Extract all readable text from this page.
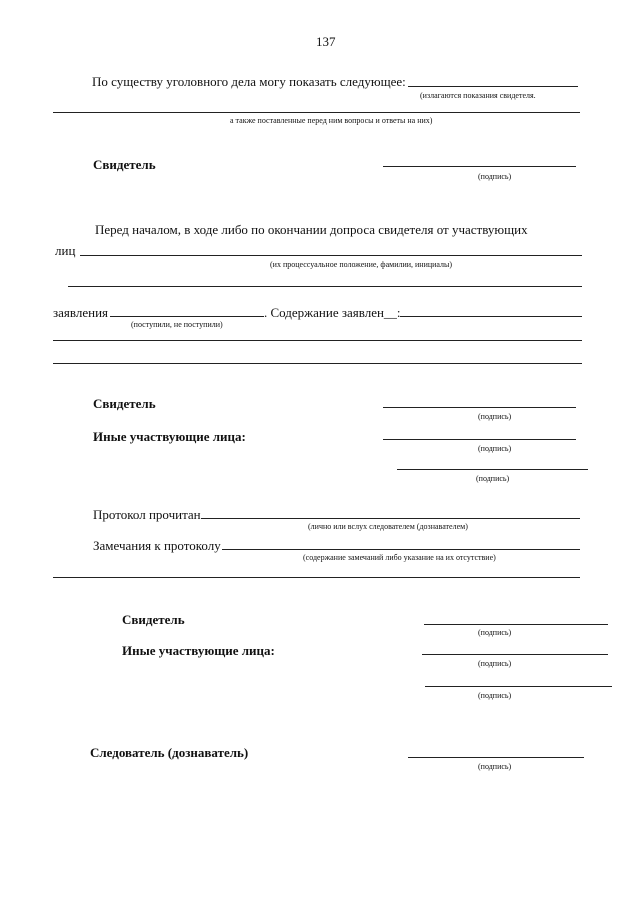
137
По существу уголовного дела могу показать следующее:
(излагаются показания свидетеля.
а также поставленные перед ним вопросы и ответы на них)
Свидетель
(подпись)
Перед началом, в ходе либо по окончании допроса свидетеля от участвующих
лиц
(их процессуальное положение, фамилии, инициалы)
заявления	. Содержание заявлен__:
(поступили, не поступили)
Свидетель
(подпись)
Иные участвующие лица:
(подпись)
(подпись)
Протокол прочитан
(лично или вслух следователем (дознавателем)
Замечания к протоколу
(содержание замечаний либо указание на их отсутствие)
Свидетель
(подпись)
Иные участвующие лица:
(подпись)
(подпись)
Следователь (дознаватель)
(подпись)
